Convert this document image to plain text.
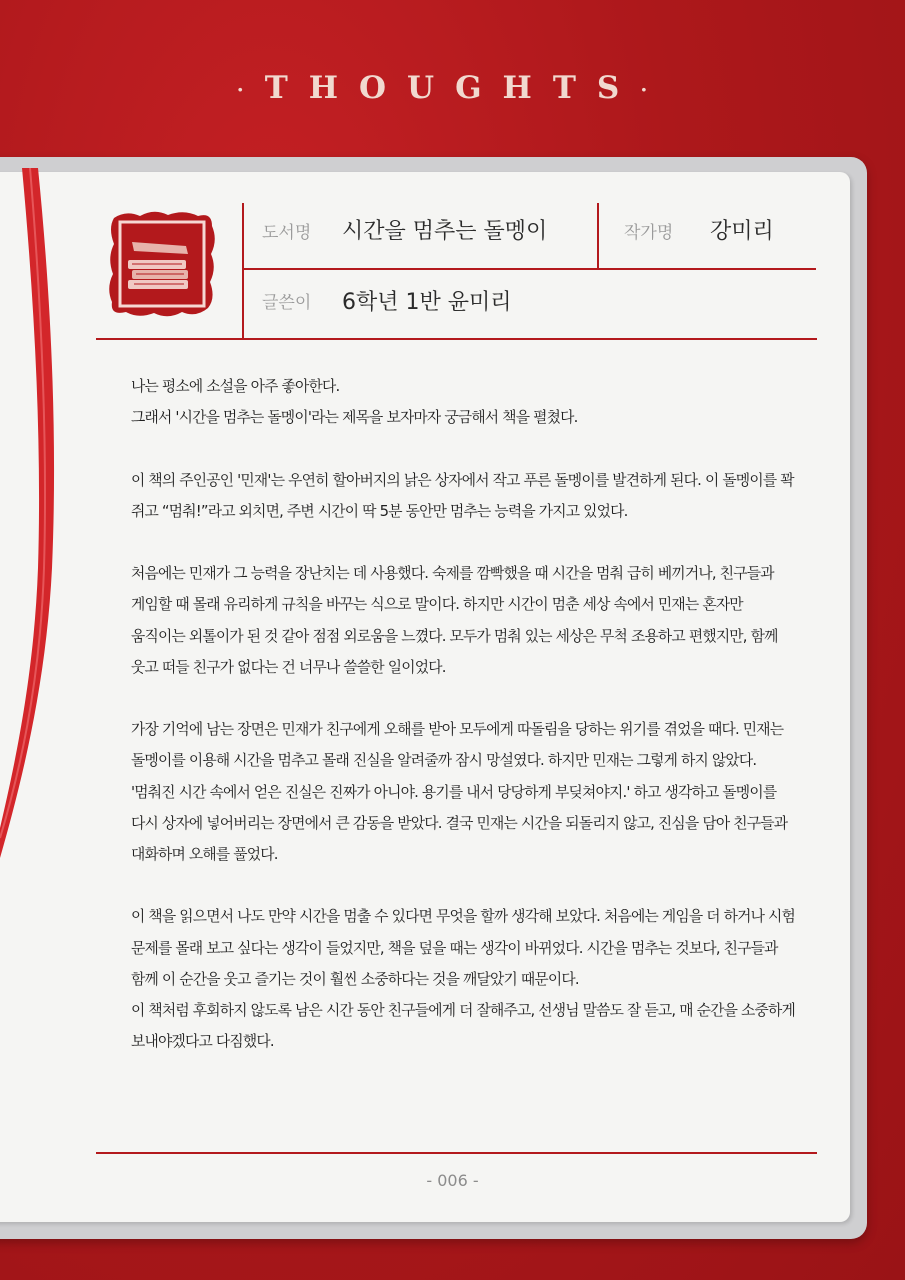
·THOUGHTS·
도서명 시간을 멈추는 돌멩이	작가명 강미리
글쓴이 6학년 1반 윤미리

나는 평소에 소설을 아주 좋아한다.
그래서 '시간을 멈추는 돌멩이'라는 제목을 보자마자 궁금해서 책을 펼쳤다.

이 책의 주인공인 '민재'는 우연히 할아버지의 낡은 상자에서 작고 푸른 돌멩이를 발견하게 된다. 이 돌멩이를 꽉 쥐고 “멈춰!”라고 외치면, 주변 시간이 딱 5분 동안만 멈추는 능력을 가지고 있었다.

처음에는 민재가 그 능력을 장난치는 데 사용했다. 숙제를 깜빡했을 때 시간을 멈춰 급히 베끼거나, 친구들과 게임할 때 몰래 유리하게 규칙을 바꾸는 식으로 말이다. 하지만 시간이 멈춘 세상 속에서 민재는 혼자만 움직이는 외톨이가 된 것 같아 점점 외로움을 느꼈다. 모두가 멈춰 있는 세상은 무척 조용하고 편했지만, 함께 웃고 떠들 친구가 없다는 건 너무나 쓸쓸한 일이었다.

가장 기억에 남는 장면은 민재가 친구에게 오해를 받아 모두에게 따돌림을 당하는 위기를 겪었을 때다. 민재는 돌멩이를 이용해 시간을 멈추고 몰래 진실을 알려줄까 잠시 망설였다. 하지만 민재는 그렇게 하지 않았다. '멈춰진 시간 속에서 얻은 진실은 진짜가 아니야. 용기를 내서 당당하게 부딪쳐야지.' 하고 생각하고 돌멩이를 다시 상자에 넣어버리는 장면에서 큰 감동을 받았다. 결국 민재는 시간을 되돌리지 않고, 진심을 담아 친구들과 대화하며 오해를 풀었다.

이 책을 읽으면서 나도 만약 시간을 멈출 수 있다면 무엇을 할까 생각해 보았다. 처음에는 게임을 더 하거나 시험 문제를 몰래 보고 싶다는 생각이 들었지만, 책을 덮을 때는 생각이 바뀌었다. 시간을 멈추는 것보다, 친구들과 함께 이 순간을 웃고 즐기는 것이 훨씬 소중하다는 것을 깨달았기 때문이다.
이 책처럼 후회하지 않도록 남은 시간 동안 친구들에게 더 잘해주고, 선생님 말씀도 잘 듣고, 매 순간을 소중하게 보내야겠다고 다짐했다.

- 006 -
